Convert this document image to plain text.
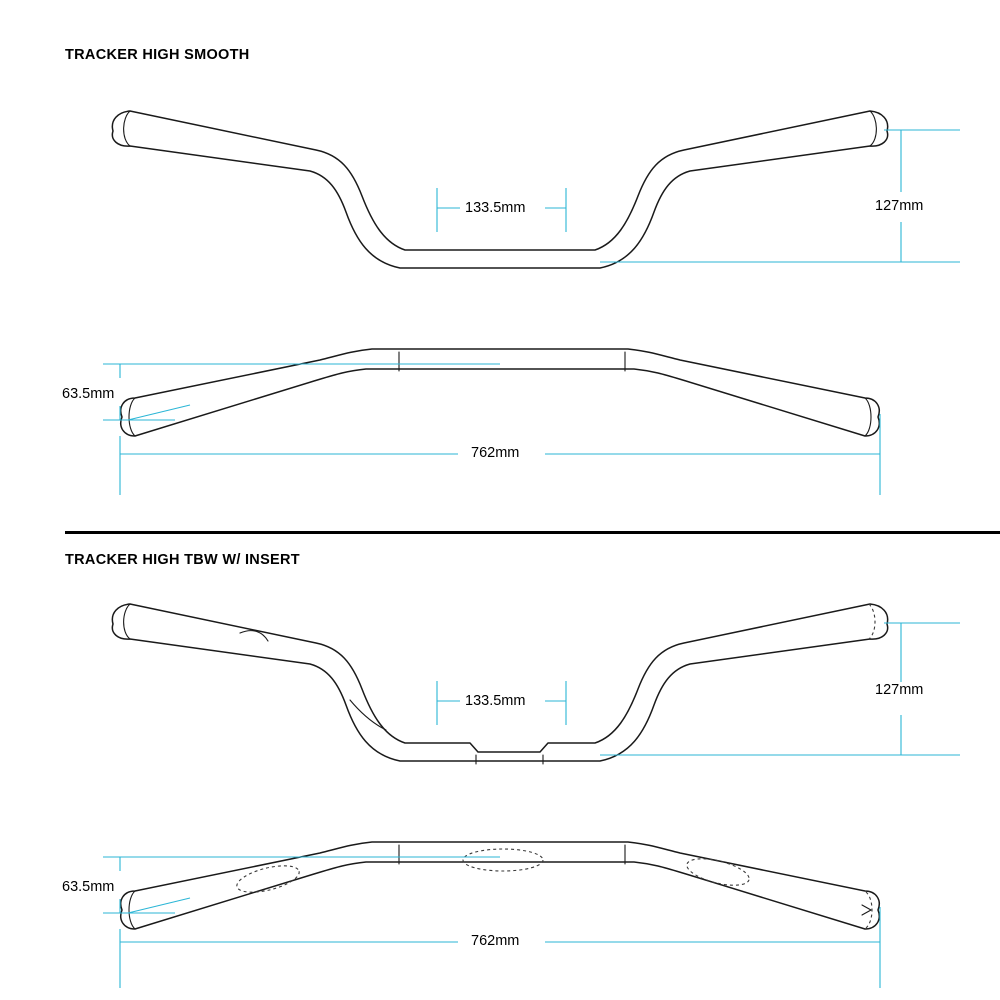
TRACKER HIGH SMOOTH
TRACKER HIGH TBW W/ INSERT
133.5mm	127mm
63.5mm
762mm
133.5mm
127mm
63.5mm
762mm
